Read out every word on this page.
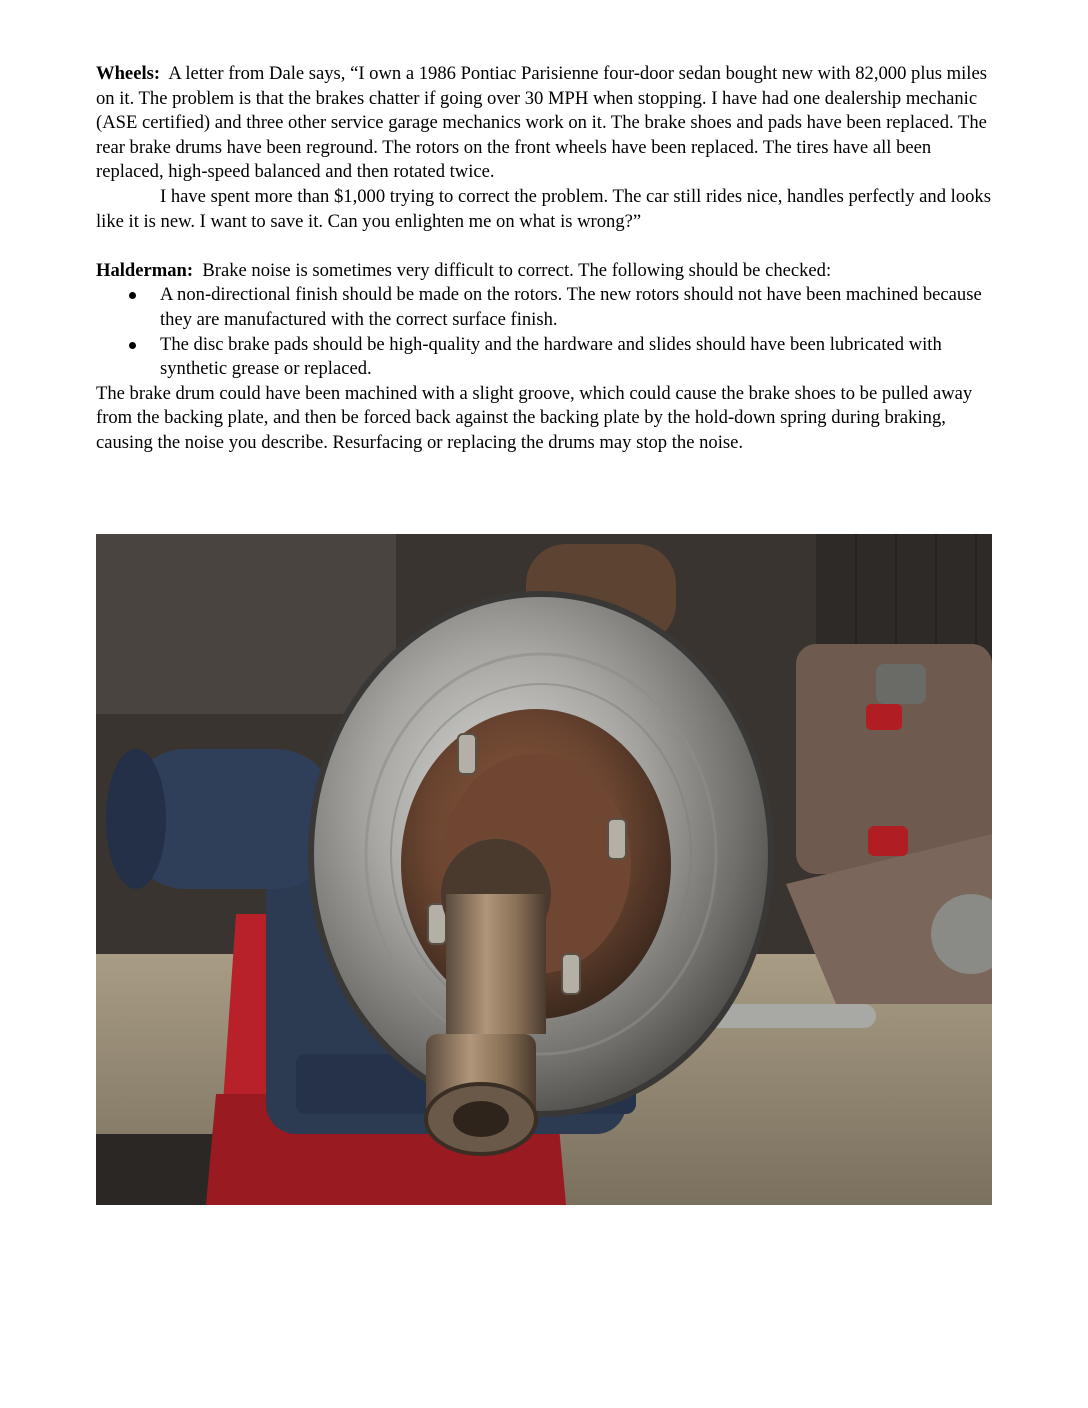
Wheels: A letter from Dale says, “I own a 1986 Pontiac Parisienne four-door sedan bought new with 82,000 plus miles on it. The problem is that the brakes chatter if going over 30 MPH when stopping. I have had one dealership mechanic (ASE certified) and three other service garage mechanics work on it. The brake shoes and pads have been replaced. The rear brake drums have been reground. The rotors on the front wheels have been replaced. The tires have all been replaced, high-speed balanced and then rotated twice.

I have spent more than $1,000 trying to correct the problem. The car still rides nice, handles perfectly and looks like it is new. I want to save it. Can you enlighten me on what is wrong?”

Halderman: Brake noise is sometimes very difficult to correct. The following should be checked:

A non-directional finish should be made on the rotors. The new rotors should not have been machined because they are manufactured with the correct surface finish.
The disc brake pads should be high-quality and the hardware and slides should have been lubricated with synthetic grease or replaced.

The brake drum could have been machined with a slight groove, which could cause the brake shoes to be pulled away from the backing plate, and then be forced back against the backing plate by the hold-down spring during braking, causing the noise you describe. Resurfacing or replacing the drums may stop the noise.
